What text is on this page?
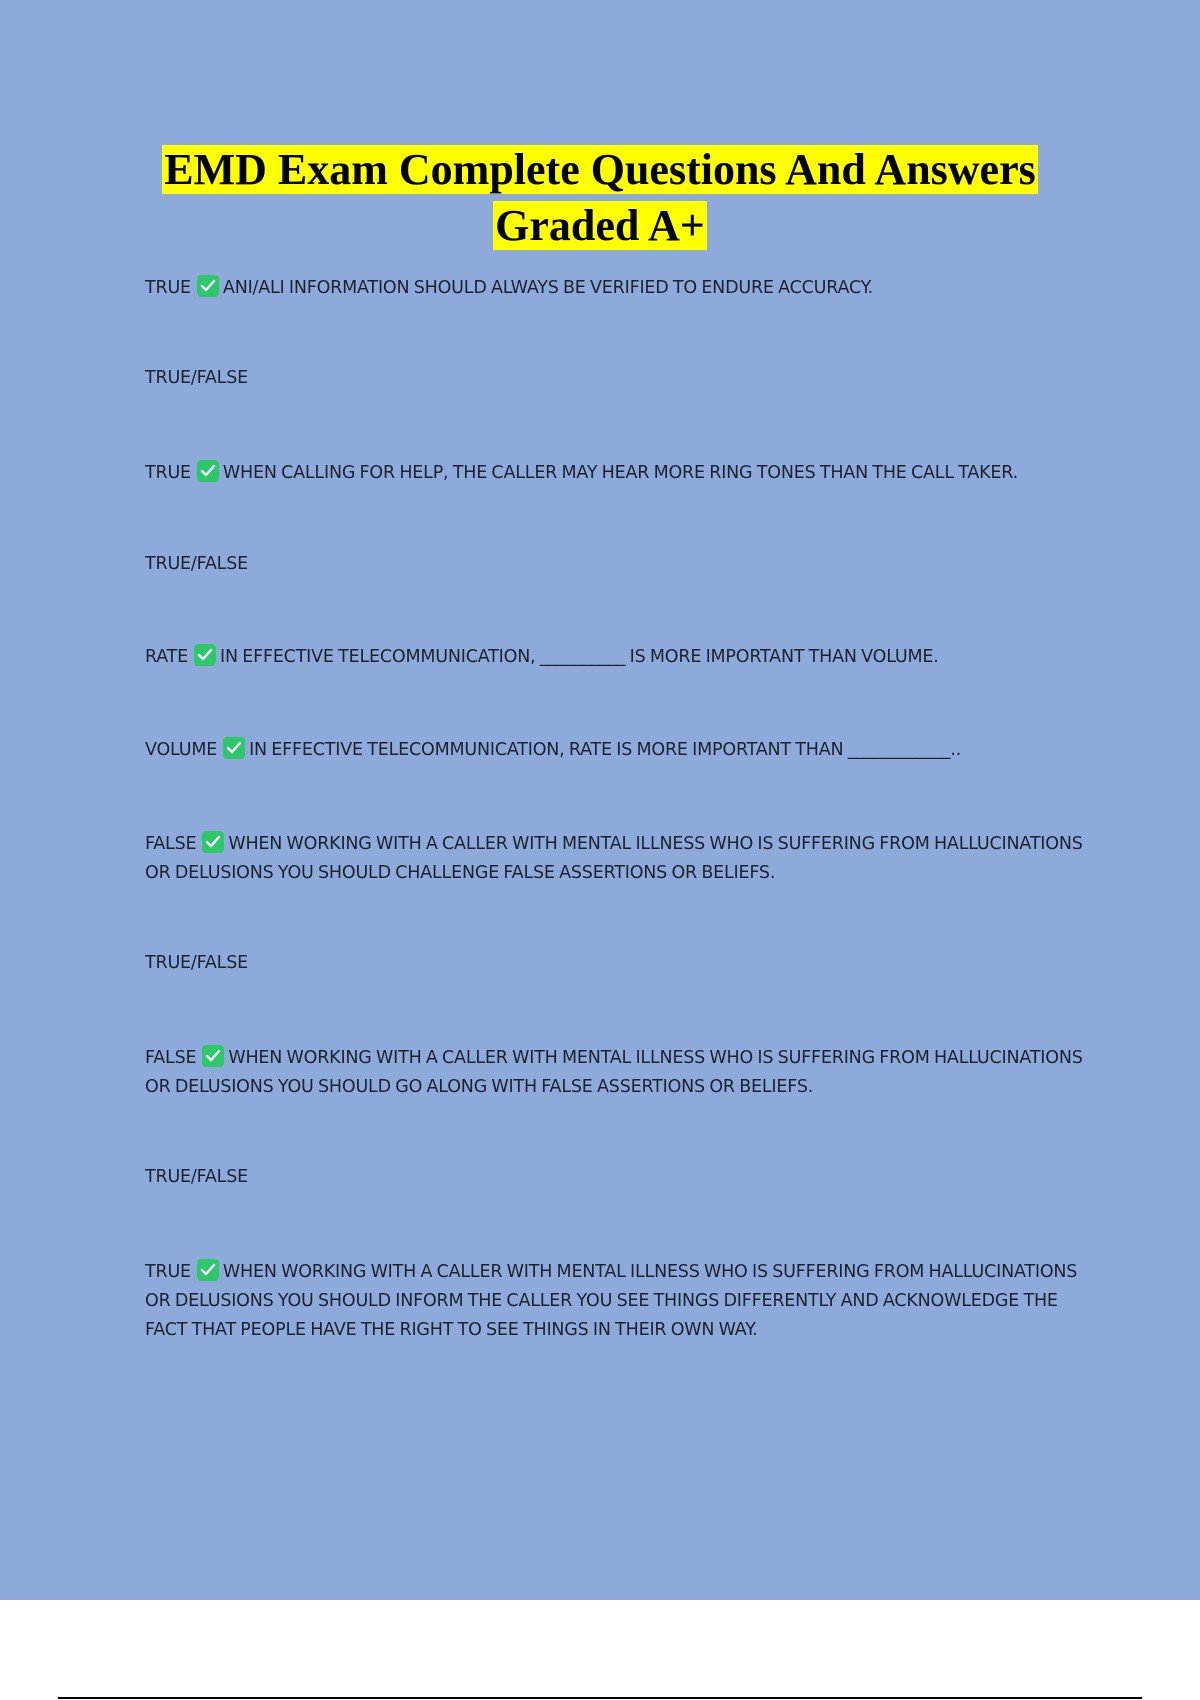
EMD Exam Complete Questions And Answers
Graded A+

TRUE ANI/ALI INFORMATION SHOULD ALWAYS BE VERIFIED TO ENDURE ACCURACY.

TRUE/FALSE

TRUE WHEN CALLING FOR HELP, THE CALLER MAY HEAR MORE RING TONES THAN THE CALL TAKER.

TRUE/FALSE

RATE IN EFFECTIVE TELECOMMUNICATION, __________ IS MORE IMPORTANT THAN VOLUME.

VOLUME IN EFFECTIVE TELECOMMUNICATION, RATE IS MORE IMPORTANT THAN ____________..

FALSE WHEN WORKING WITH A CALLER WITH MENTAL ILLNESS WHO IS SUFFERING FROM HALLUCINATIONS OR DELUSIONS YOU SHOULD CHALLENGE FALSE ASSERTIONS OR BELIEFS.

TRUE/FALSE

FALSE WHEN WORKING WITH A CALLER WITH MENTAL ILLNESS WHO IS SUFFERING FROM HALLUCINATIONS OR DELUSIONS YOU SHOULD GO ALONG WITH FALSE ASSERTIONS OR BELIEFS.

TRUE/FALSE

TRUE WHEN WORKING WITH A CALLER WITH MENTAL ILLNESS WHO IS SUFFERING FROM HALLUCINATIONS OR DELUSIONS YOU SHOULD INFORM THE CALLER YOU SEE THINGS DIFFERENTLY AND ACKNOWLEDGE THE FACT THAT PEOPLE HAVE THE RIGHT TO SEE THINGS IN THEIR OWN WAY.
